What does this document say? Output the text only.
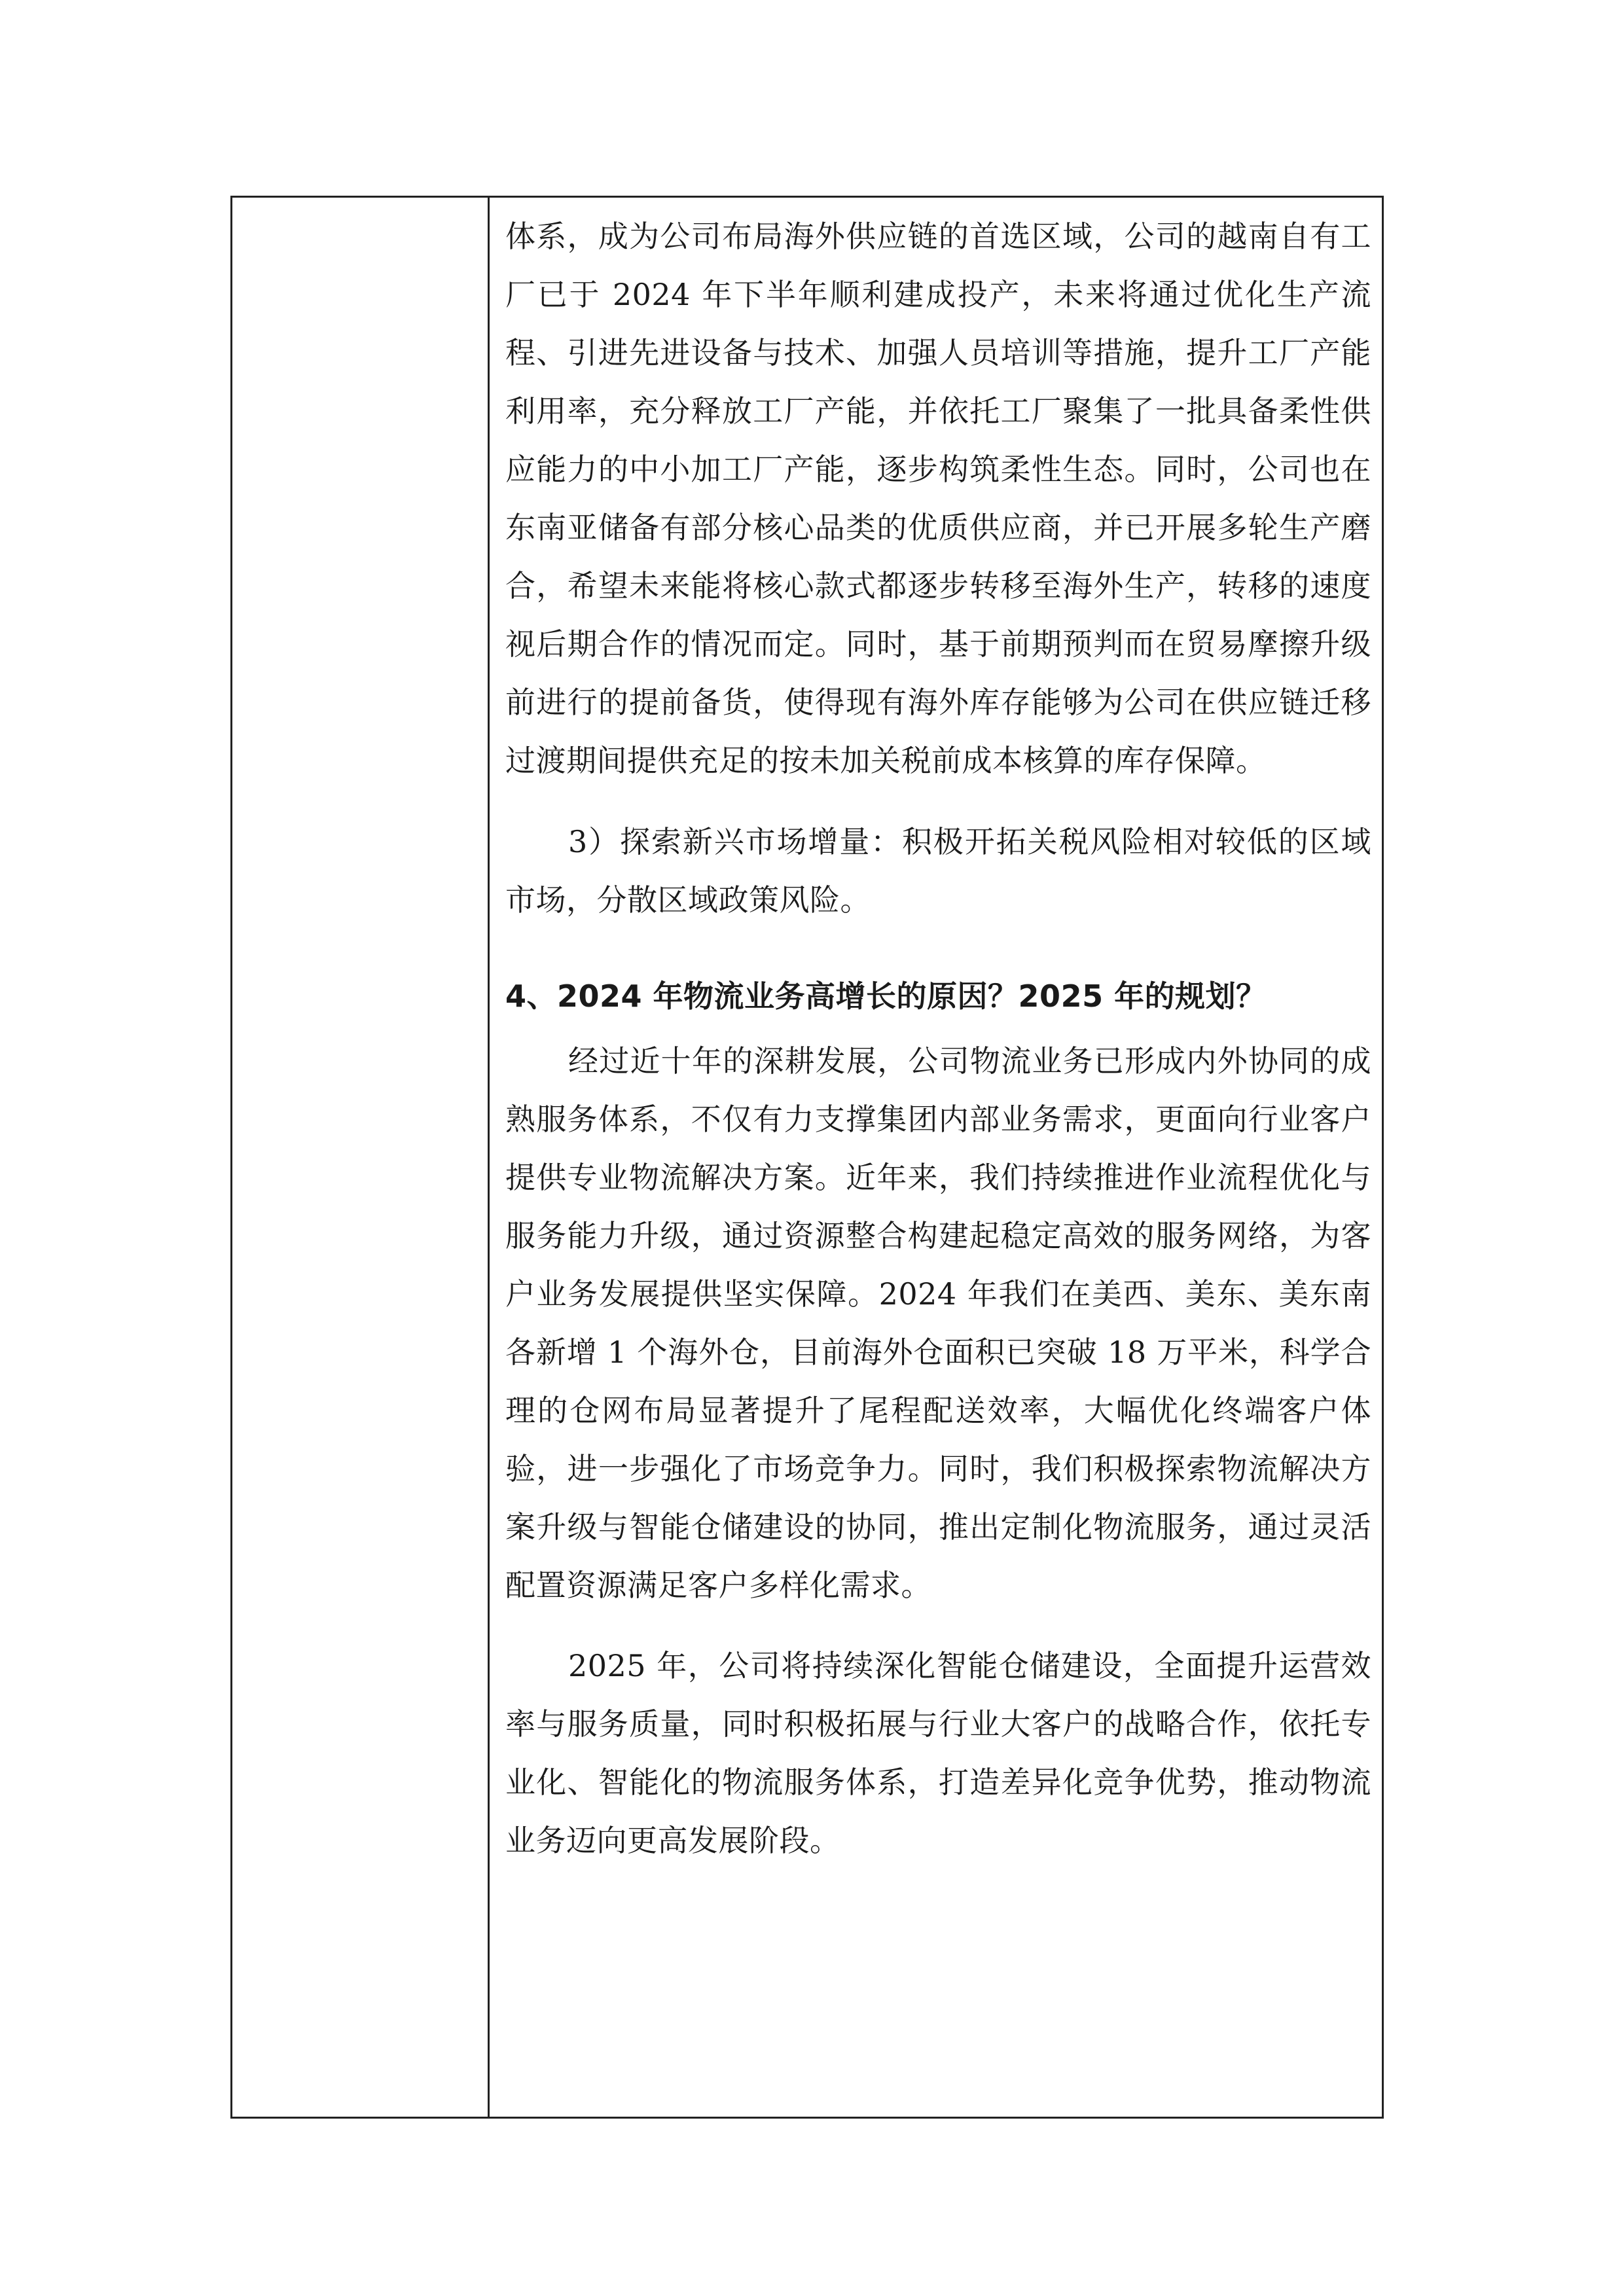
体系，成为公司布局海外供应链的首选区域，公司的越南自有工厂已于 2024 年下半年顺利建成投产，未来将通过优化生产流程、引进先进设备与技术、加强人员培训等措施，提升工厂产能利用率，充分释放工厂产能，并依托工厂聚集了一批具备柔性供应能力的中小加工厂产能，逐步构筑柔性生态。同时，公司也在东南亚储备有部分核心品类的优质供应商，并已开展多轮生产磨合，希望未来能将核心款式都逐步转移至海外生产，转移的速度视后期合作的情况而定。同时，基于前期预判而在贸易摩擦升级前进行的提前备货，使得现有海外库存能够为公司在供应链迁移过渡期间提供充足的按未加关税前成本核算的库存保障。

3）探索新兴市场增量：积极开拓关税风险相对较低的区域市场，分散区域政策风险。

4、2024 年物流业务高增长的原因？2025 年的规划？

经过近十年的深耕发展，公司物流业务已形成内外协同的成熟服务体系，不仅有力支撑集团内部业务需求，更面向行业客户提供专业物流解决方案。近年来，我们持续推进作业流程优化与服务能力升级，通过资源整合构建起稳定高效的服务网络，为客户业务发展提供坚实保障。2024 年我们在美西、美东、美东南各新增 1 个海外仓，目前海外仓面积已突破 18 万平米，科学合理的仓网布局显著提升了尾程配送效率，大幅优化终端客户体验，进一步强化了市场竞争力。同时，我们积极探索物流解决方案升级与智能仓储建设的协同，推出定制化物流服务，通过灵活配置资源满足客户多样化需求。

2025 年，公司将持续深化智能仓储建设，全面提升运营效率与服务质量，同时积极拓展与行业大客户的战略合作，依托专业化、智能化的物流服务体系，打造差异化竞争优势，推动物流业务迈向更高发展阶段。
